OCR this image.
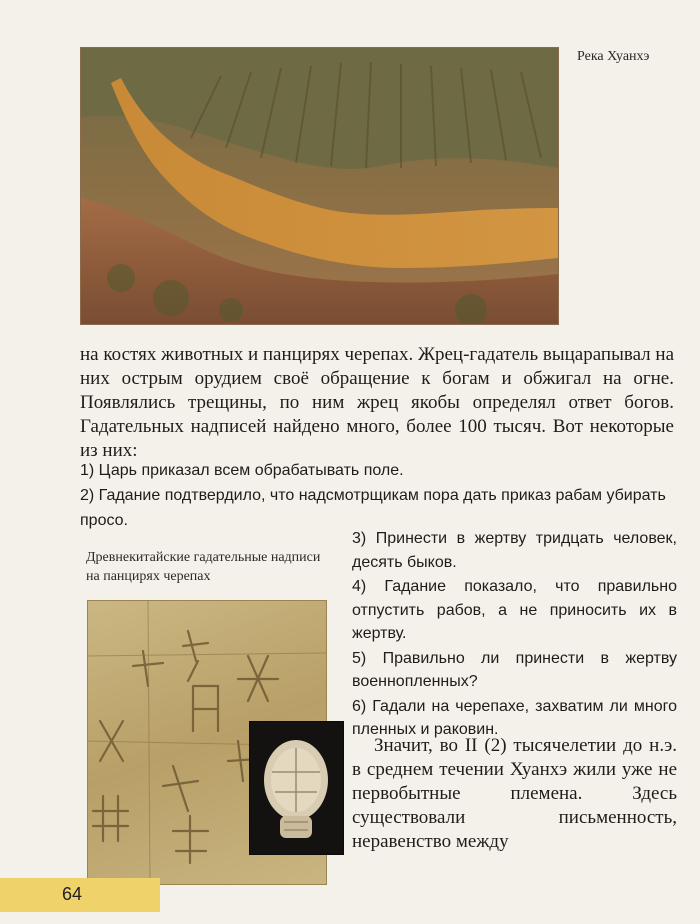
Река Хуанхэ

на костях животных и панцирях черепах. Жрец-гадатель выцарапывал на них острым орудием своё обращение к богам и обжигал на огне. Появлялись трещины, по ним жрец якобы определял ответ богов. Гадательных надписей найдено много, более 100 тысяч. Вот некоторые из них:

1) Царь приказал всем обрабатывать поле.
2) Гадание подтвердило, что надсмотрщикам пора дать приказ рабам убирать просо.
Древнекитайские гадательные надписи на панцирях черепах
3) Принести в жертву тридцать человек, десять быков.
4) Гадание показало, что правильно отпустить рабов, а не приносить их в жертву.
5) Правильно ли принести в жертву военнопленных?
6) Гадали на черепахе, захватим ли много пленных и раковин.

Значит, во II (2) тысячелетии до н.э. в среднем течении Хуанхэ жили уже не первобытные племена. Здесь существовали письменность, неравенство между

64
